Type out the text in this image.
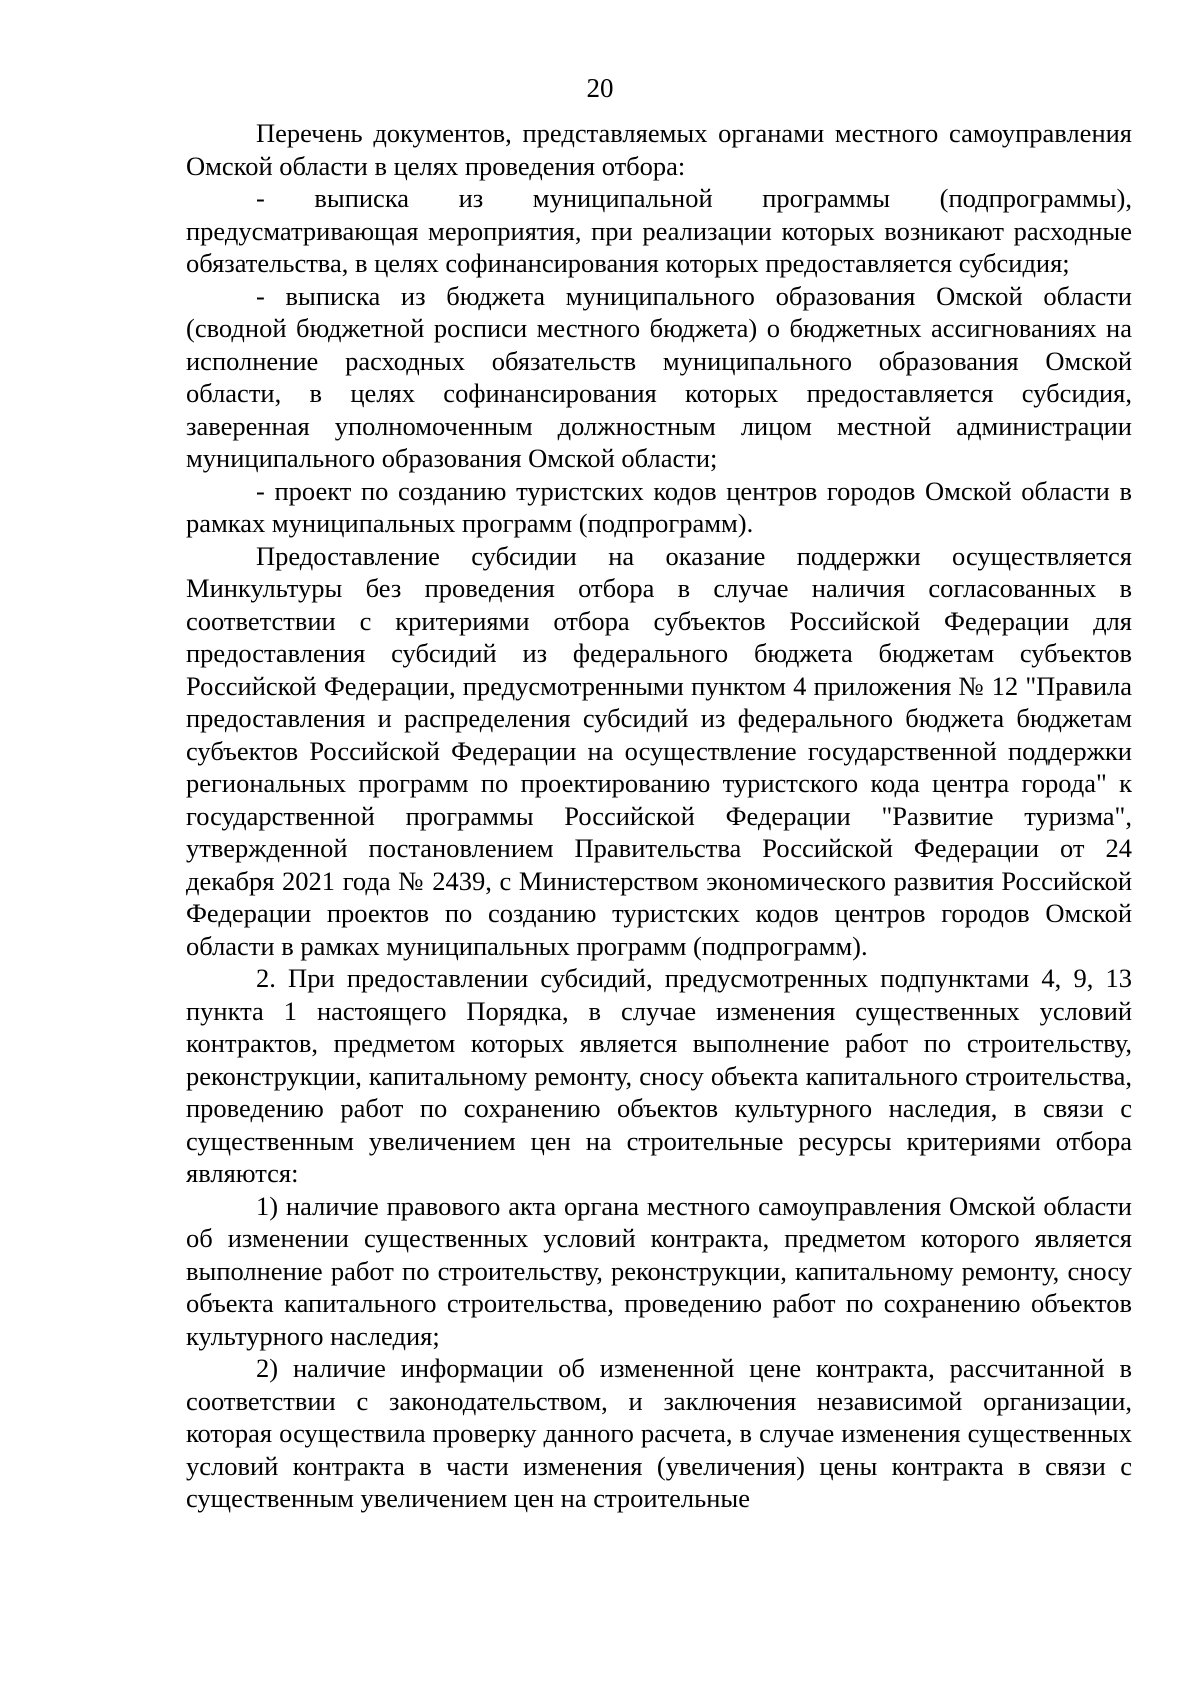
20

Перечень документов, представляемых органами местного самоуправления Омской области в целях проведения отбора:

- выписка из муниципальной программы (подпрограммы), предусматривающая мероприятия, при реализации которых возникают расходные обязательства, в целях софинансирования которых предоставляется субсидия;

- выписка из бюджета муниципального образования Омской области (сводной бюджетной росписи местного бюджета) о бюджетных ассигнованиях на исполнение расходных обязательств муниципального образования Омской области, в целях софинансирования которых предоставляется субсидия, заверенная уполномоченным должностным лицом местной администрации муниципального образования Омской области;

- проект по созданию туристских кодов центров городов Омской области в рамках муниципальных программ (подпрограмм).

Предоставление субсидии на оказание поддержки осуществляется Минкультуры без проведения отбора в случае наличия согласованных в соответствии с критериями отбора субъектов Российской Федерации для предоставления субсидий из федерального бюджета бюджетам субъектов Российской Федерации, предусмотренными пунктом 4 приложения № 12 "Правила предоставления и распределения субсидий из федерального бюджета бюджетам субъектов Российской Федерации на осуществление государственной поддержки региональных программ по проектированию туристского кода центра города" к государственной программы Российской Федерации "Развитие туризма", утвержденной постановлением Правительства Российской Федерации от 24 декабря 2021 года № 2439, с Министерством экономического развития Российской Федерации проектов по созданию туристских кодов центров городов Омской области в рамках муниципальных программ (подпрограмм).

2. При предоставлении субсидий, предусмотренных подпунктами 4, 9, 13 пункта 1 настоящего Порядка, в случае изменения существенных условий контрактов, предметом которых является выполнение работ по строительству, реконструкции, капитальному ремонту, сносу объекта капитального строительства, проведению работ по сохранению объектов культурного наследия, в связи с существенным увеличением цен на строительные ресурсы критериями отбора являются:

1) наличие правового акта органа местного самоуправления Омской области об изменении существенных условий контракта, предметом которого является выполнение работ по строительству, реконструкции, капитальному ремонту, сносу объекта капитального строительства, проведению работ по сохранению объектов культурного наследия;

2) наличие информации об измененной цене контракта, рассчитанной в соответствии с законодательством, и заключения независимой организации, которая осуществила проверку данного расчета, в случае изменения существенных условий контракта в части изменения (увеличения) цены контракта в связи с существенным увеличением цен на строительные
